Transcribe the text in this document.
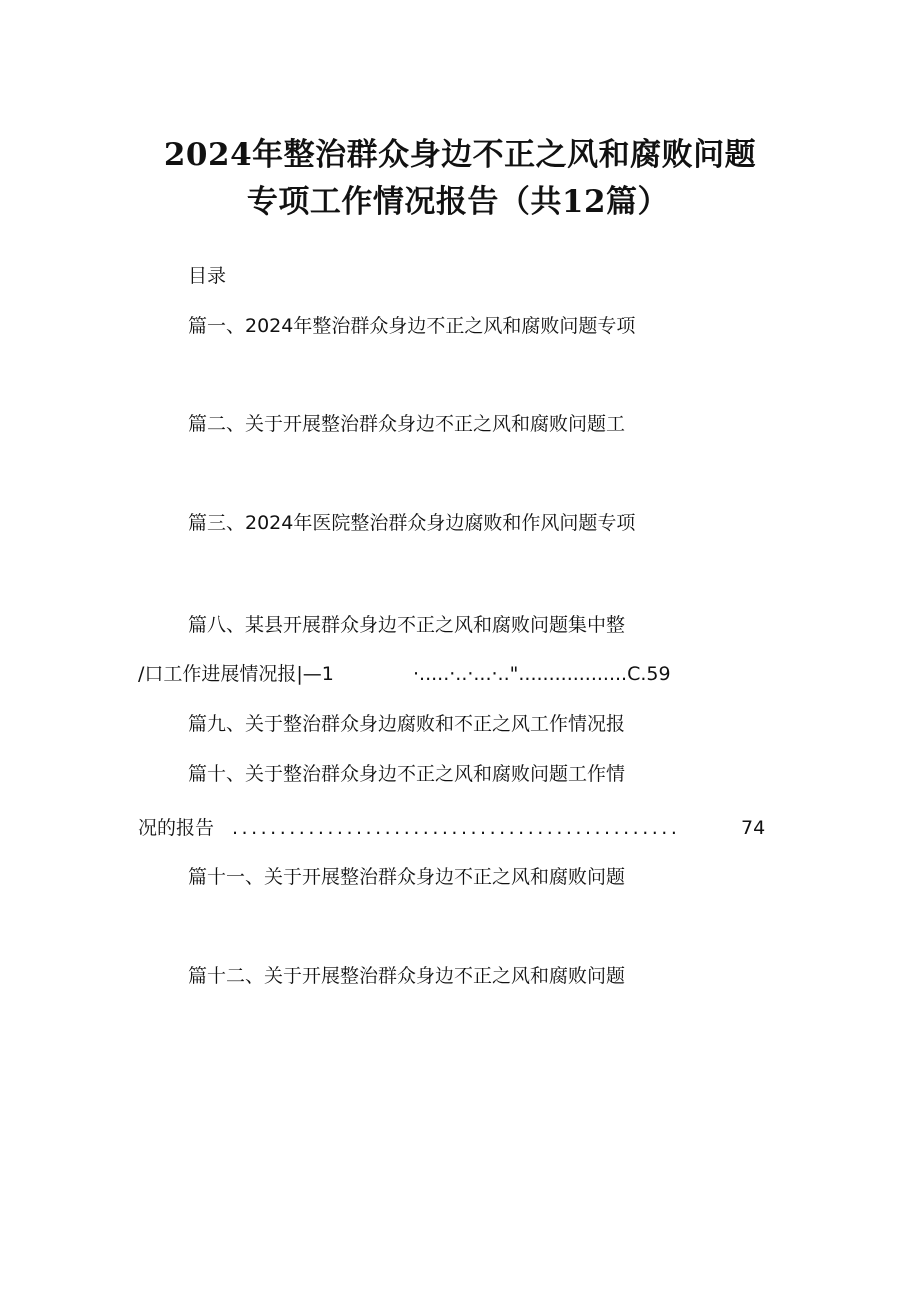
2024年整治群众身边不正之风和腐败问题
专项工作情况报告（共12篇）
目录
篇一、2024年整治群众身边不正之风和腐败问题专项
篇二、关于开展整治群众身边不正之风和腐败问题工
篇三、2024年医院整治群众身边腐败和作风问题专项
篇八、某县开展群众身边不正之风和腐败问题集中整
/口工作进展情况报|—1	·.....·..·...·.."..................C.59
篇九、关于整治群众身边腐败和不正之风工作情况报
篇十、关于整治群众身边不正之风和腐败问题工作情
况的报告 ...............................................	74
篇十一、关于开展整治群众身边不正之风和腐败问题
篇十二、关于开展整治群众身边不正之风和腐败问题
